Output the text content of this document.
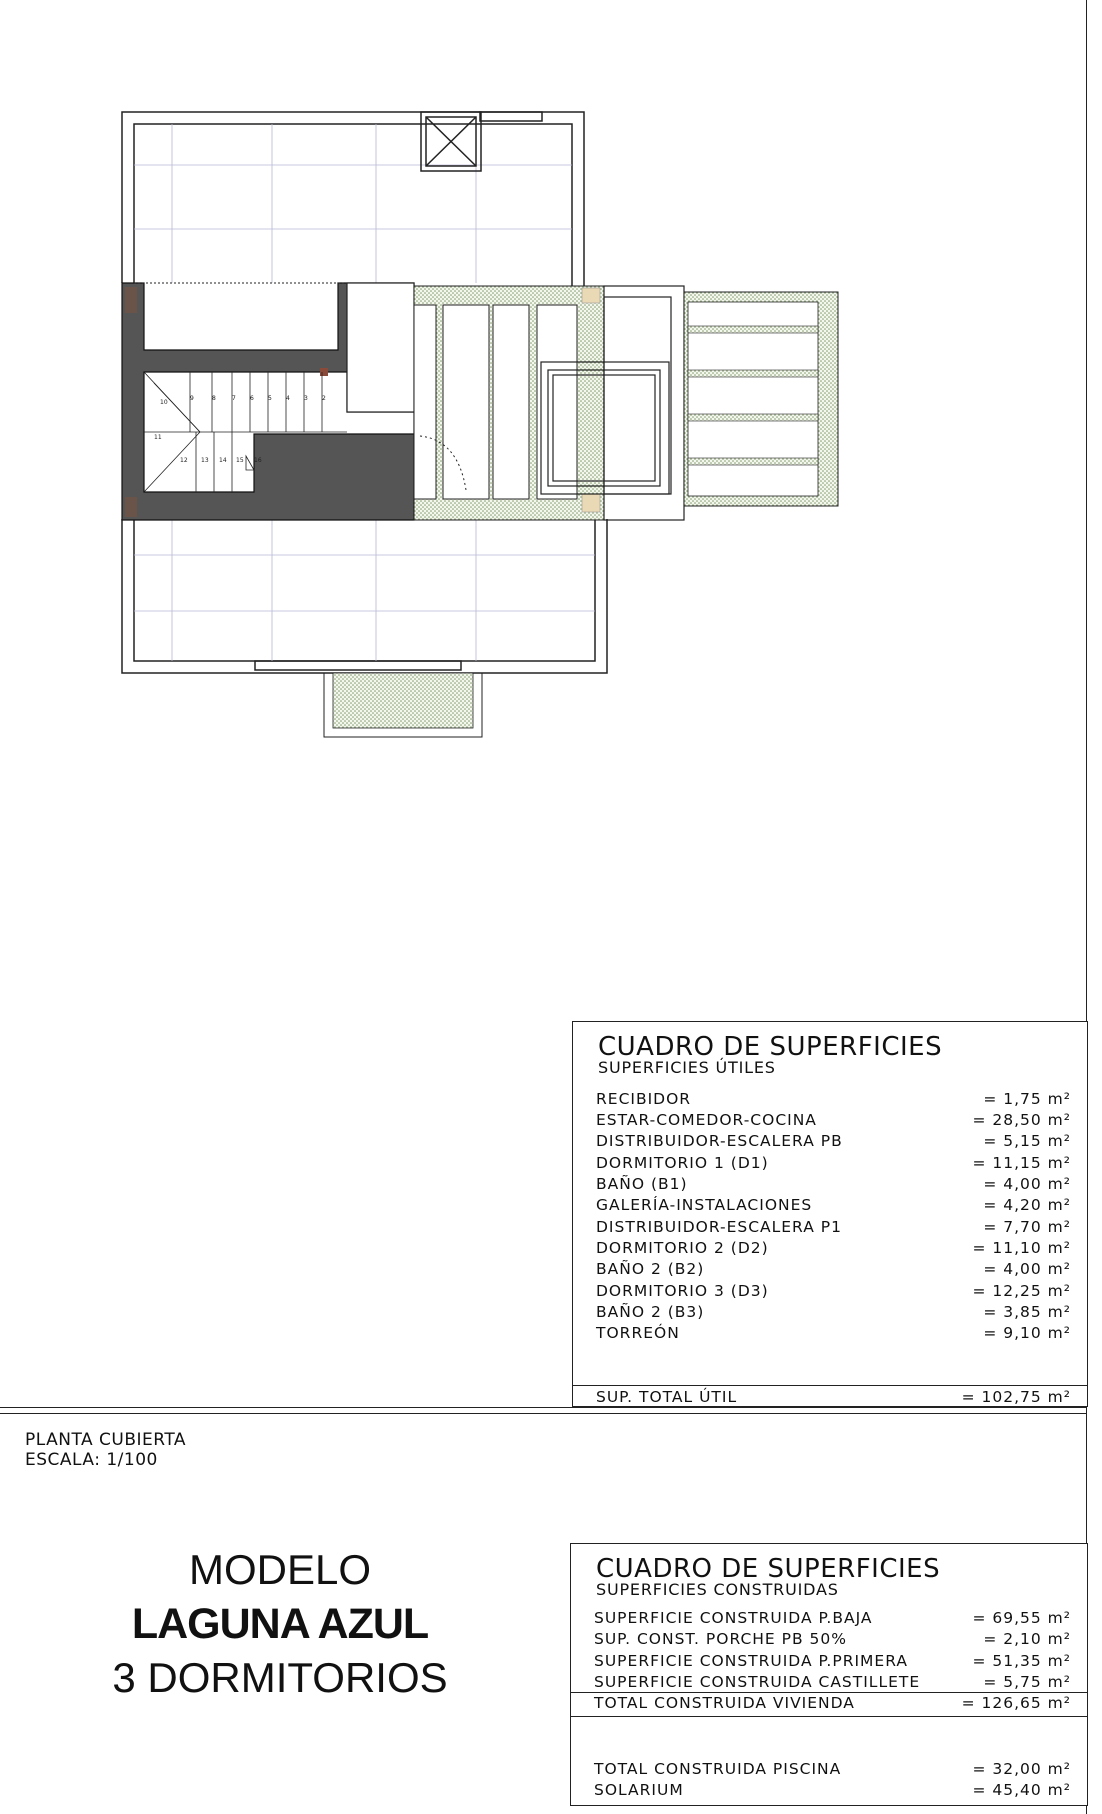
10
9	8	7 6 5 4 3 2
11
12 13 14 15 16
CUADRO DE SUPERFICIES
SUPERFICIES ÚTILES
RECIBIDOR	= 1,75 m²
ESTAR-COMEDOR-COCINA	= 28,50 m²
DISTRIBUIDOR-ESCALERA PB	= 5,15 m²
DORMITORIO 1 (D1)	= 11,15 m²
BAÑO (B1)	= 4,00 m²
GALERÍA-INSTALACIONES	= 4,20 m²
DISTRIBUIDOR-ESCALERA P1	= 7,70 m²
DORMITORIO 2 (D2)	= 11,10 m²
BAÑO 2 (B2)	= 4,00 m²
DORMITORIO 3 (D3)	= 12,25 m²
BAÑO 2 (B3)	= 3,85 m²
TORREÓN	= 9,10 m²
SUP. TOTAL ÚTIL	= 102,75 m²
PLANTA CUBIERTA
ESCALA: 1/100
MODELO
LAGUNA AZUL
3 DORMITORIOS
CUADRO DE SUPERFICIES
SUPERFICIES CONSTRUIDAS
SUPERFICIE CONSTRUIDA P.BAJA	= 69,55 m²
SUP. CONST. PORCHE PB 50%	= 2,10 m²
SUPERFICIE CONSTRUIDA P.PRIMERA	= 51,35 m²
SUPERFICIE CONSTRUIDA CASTILLETE	= 5,75 m²
TOTAL CONSTRUIDA VIVIENDA	= 126,65 m²
TOTAL CONSTRUIDA PISCINA	= 32,00 m²
SOLARIUM	= 45,40 m²
